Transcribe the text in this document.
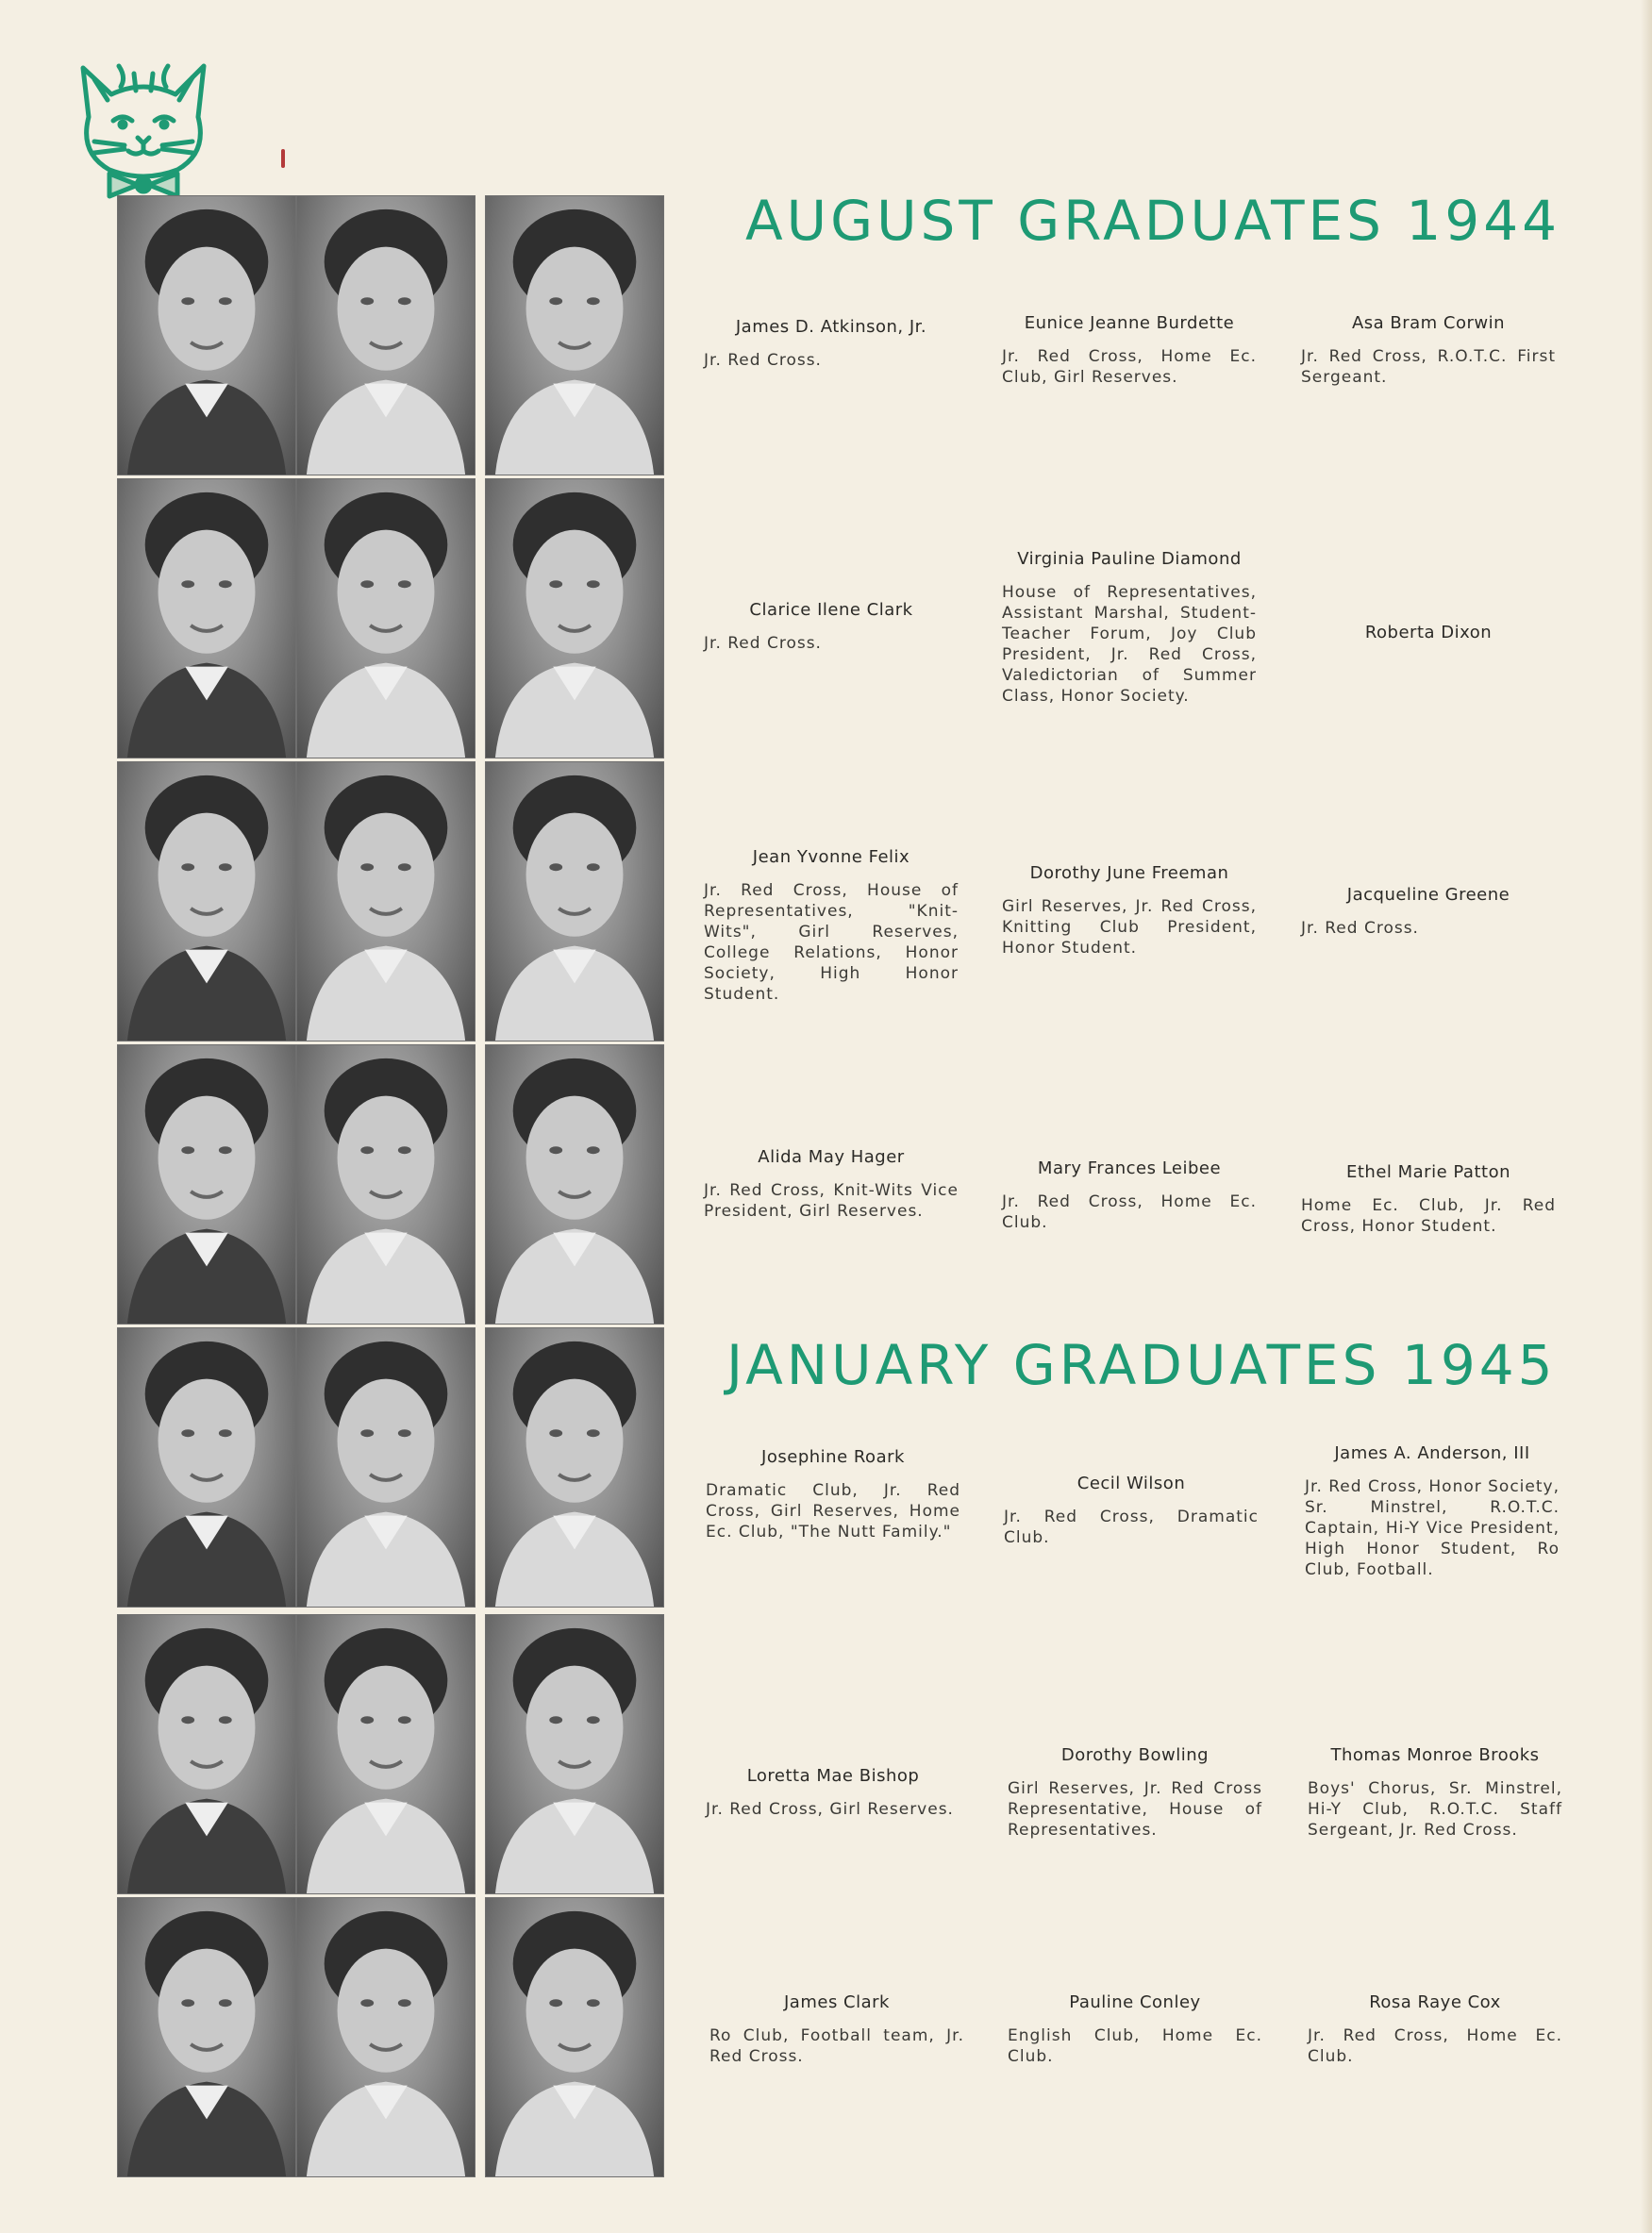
AUGUST GRADUATES 1944
JANUARY GRADUATES 1945
James D. Atkinson, Jr.
Jr. Red Cross.
Eunice Jeanne Burdette
Jr. Red Cross, Home Ec. Club, Girl Reserves.
Asa Bram Corwin
Jr. Red Cross, R.O.T.C. First Sergeant.
Clarice Ilene Clark
Jr. Red Cross.
Virginia Pauline Diamond
House of Representatives, Assistant Marshal, Student-Teacher Forum, Joy Club President, Jr. Red Cross, Valedictorian of Summer Class, Honor Society.
Roberta Dixon
Jean Yvonne Felix
Jr. Red Cross, House of Representatives, "Knit-Wits", Girl Reserves, College Relations, Honor Society, High Honor Student.
Dorothy June Freeman
Girl Reserves, Jr. Red Cross, Knitting Club President, Honor Student.
Jacqueline Greene
Jr. Red Cross.
Alida May Hager
Jr. Red Cross, Knit-Wits Vice President, Girl Reserves.
Mary Frances Leibee
Jr. Red Cross, Home Ec. Club.
Ethel Marie Patton
Home Ec. Club, Jr. Red Cross, Honor Student.
Josephine Roark
Dramatic Club, Jr. Red Cross, Girl Reserves, Home Ec. Club, "The Nutt Family."
Cecil Wilson
Jr. Red Cross, Dramatic Club.
James A. Anderson, III
Jr. Red Cross, Honor Society, Sr. Minstrel, R.O.T.C. Captain, Hi-Y Vice President, High Honor Student, Ro Club, Football.
Loretta Mae Bishop
Jr. Red Cross, Girl Reserves.
Dorothy Bowling
Girl Reserves, Jr. Red Cross Representative, House of Representatives.
Thomas Monroe Brooks
Boys' Chorus, Sr. Minstrel, Hi-Y Club, R.O.T.C. Staff Sergeant, Jr. Red Cross.
James Clark
Ro Club, Football team, Jr. Red Cross.
Pauline Conley
English Club, Home Ec. Club.
Rosa Raye Cox
Jr. Red Cross, Home Ec. Club.
